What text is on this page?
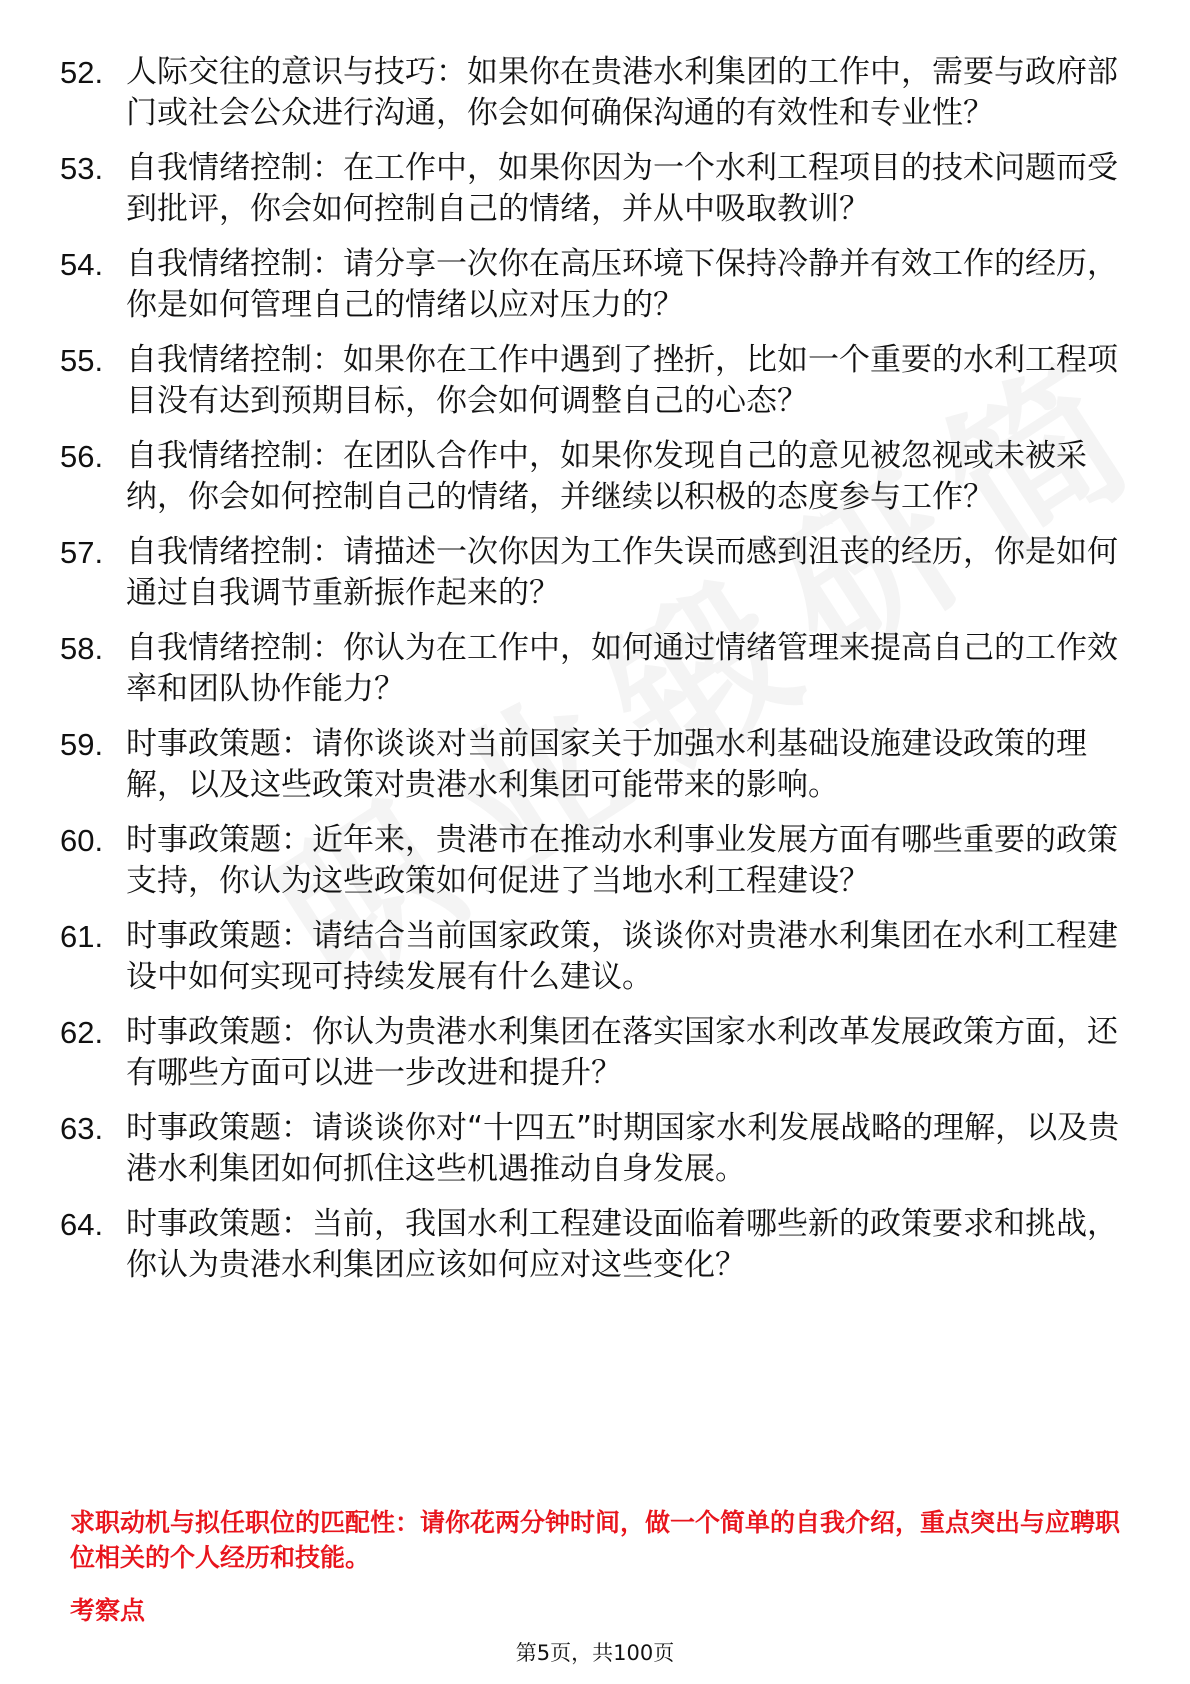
52. 人际交往的意识与技巧：如果你在贵港水利集团的工作中，需要与政府部门或社会公众进行沟通，你会如何确保沟通的有效性和专业性？
53. 自我情绪控制：在工作中，如果你因为一个水利工程项目的技术问题而受到批评，你会如何控制自己的情绪，并从中吸取教训？
54. 自我情绪控制：请分享一次你在高压环境下保持冷静并有效工作的经历，你是如何管理自己的情绪以应对压力的？
55. 自我情绪控制：如果你在工作中遇到了挫折，比如一个重要的水利工程项目没有达到预期目标，你会如何调整自己的心态？
56. 自我情绪控制：在团队合作中，如果你发现自己的意见被忽视或未被采纳，你会如何控制自己的情绪，并继续以积极的态度参与工作？
57. 自我情绪控制：请描述一次你因为工作失误而感到沮丧的经历，你是如何通过自我调节重新振作起来的？
58. 自我情绪控制：你认为在工作中，如何通过情绪管理来提高自己的工作效率和团队协作能力？
59. 时事政策题：请你谈谈对当前国家关于加强水利基础设施建设政策的理解，以及这些政策对贵港水利集团可能带来的影响。
60. 时事政策题：近年来，贵港市在推动水利事业发展方面有哪些重要的政策支持，你认为这些政策如何促进了当地水利工程建设？
61. 时事政策题：请结合当前国家政策，谈谈你对贵港水利集团在水利工程建设中如何实现可持续发展有什么建议。
62. 时事政策题：你认为贵港水利集团在落实国家水利改革发展政策方面，还有哪些方面可以进一步改进和提升？
63. 时事政策题：请谈谈你对“十四五”时期国家水利发展战略的理解，以及贵港水利集团如何抓住这些机遇推动自身发展。
64. 时事政策题：当前，我国水利工程建设面临着哪些新的政策要求和挑战，你认为贵港水利集团应该如何应对这些变化？
求职动机与拟任职位的匹配性：请你花两分钟时间，做一个简单的自我介绍，重点突出与应聘职位相关的个人经历和技能。
考察点
第5页，共100页
